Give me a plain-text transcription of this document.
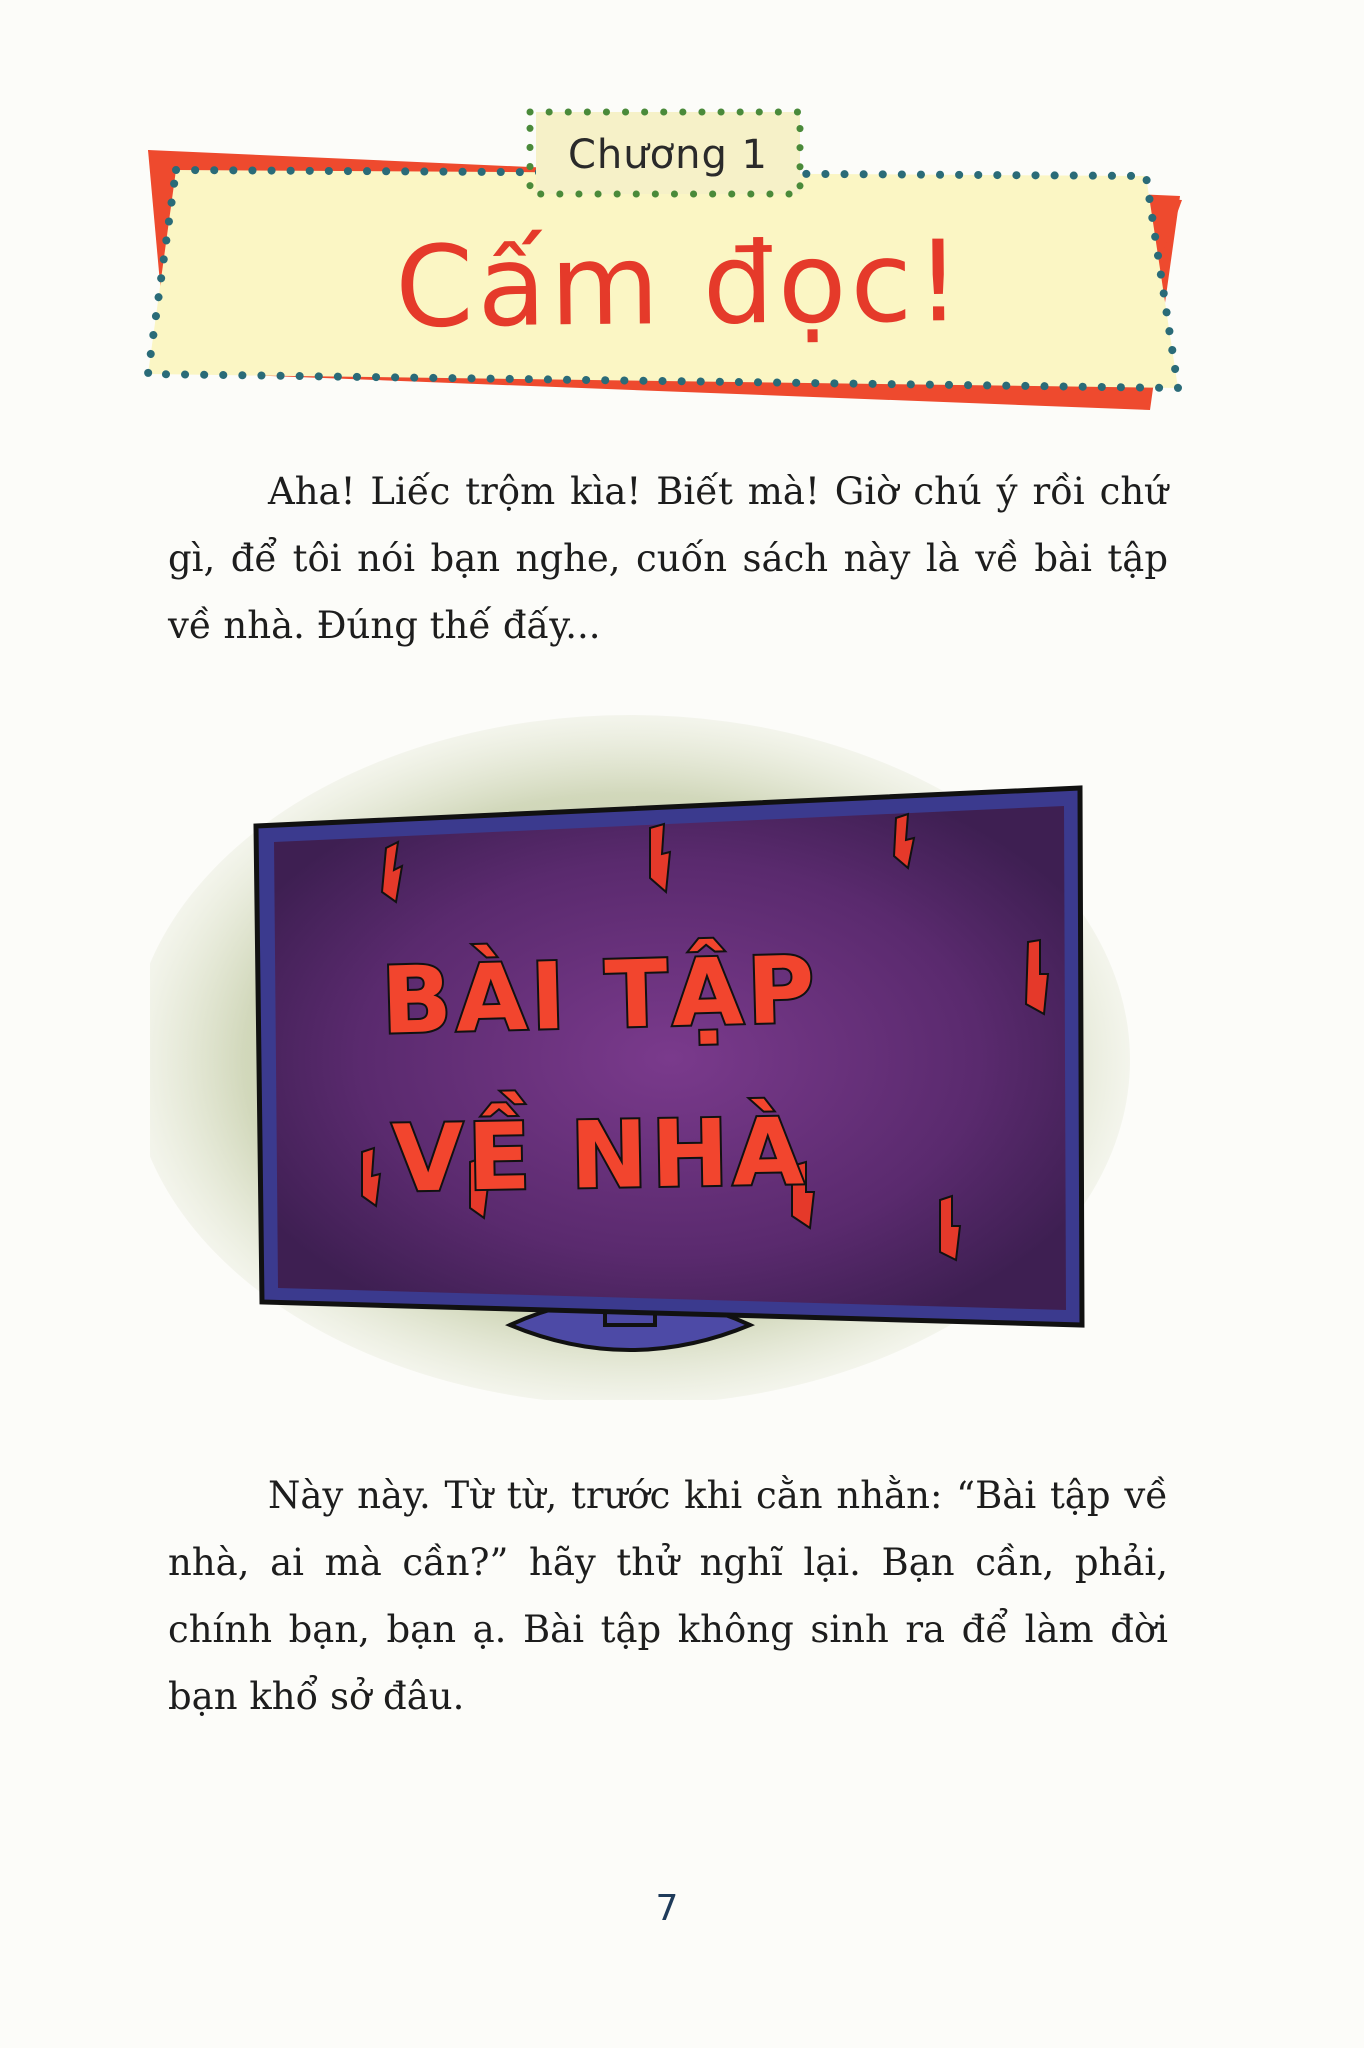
Chương 1
Cấm đọc!

Aha! Liếc trộm kìa! Biết mà! Giờ chú ý rồi chứ gì, để tôi nói bạn nghe, cuốn sách này là về bài tập về nhà. Đúng thế đấy...

BÀI TẬP
VỀ NHÀ

Này này. Từ từ, trước khi cằn nhằn: “Bài tập về nhà, ai mà cần?” hãy thử nghĩ lại. Bạn cần, phải, chính bạn, bạn ạ. Bài tập không sinh ra để làm đời bạn khổ sở đâu.

7
